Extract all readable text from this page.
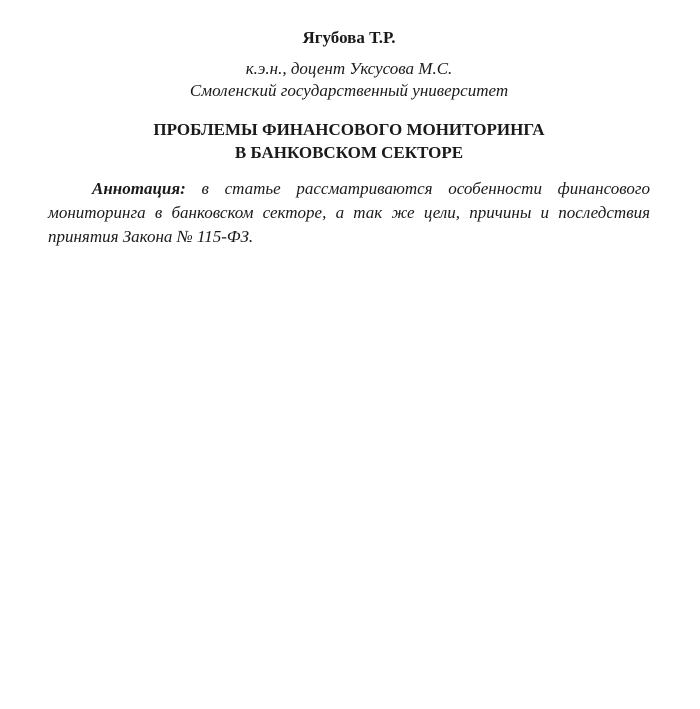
Ягубова Т.Р.
к.э.н., доцент Уксусова М.С.
Смоленский государственный университет
ПРОБЛЕМЫ ФИНАНСОВОГО МОНИТОРИНГА
В БАНКОВСКОМ СЕКТОРЕ

Аннотация: в статье рассматриваются особенности финансового мониторинга в банковском секторе, а так же цели, причины и последствия принятия Закона № 115-ФЗ.
